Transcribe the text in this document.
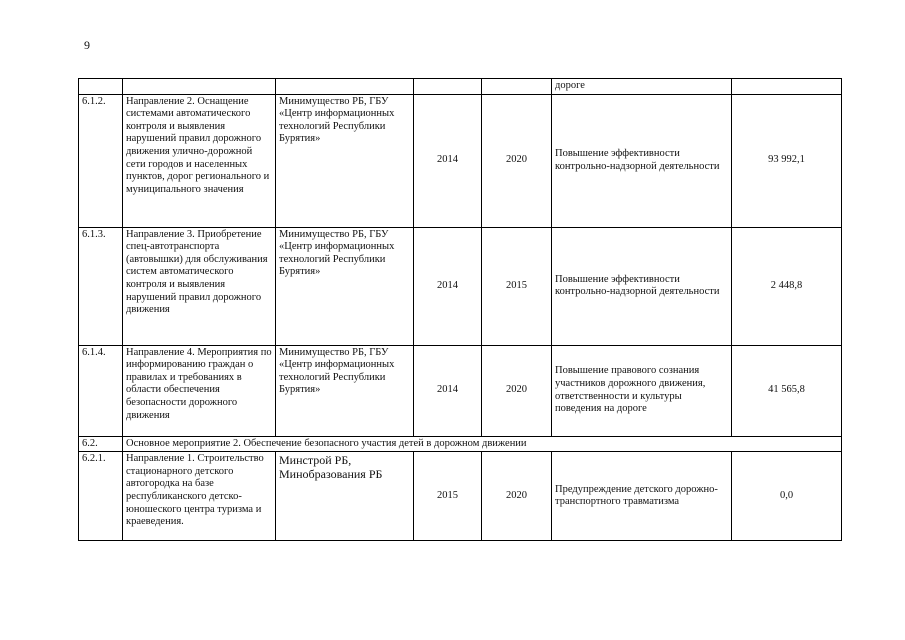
9
					дороге	
6.1.2.	Направление 2. Оснащение системами автоматического контроля и выявления нарушений правил дорожного движения улично-дорожной сети городов и населенных пунктов, дорог регионального и муниципального значения	Минимущество РБ, ГБУ «Центр информационных технологий Республики Бурятия»	2014	2020	Повышение эффективности контрольно-надзорной деятельности	93 992,1
6.1.3.	Направление 3. Приобретение спец-автотранспорта (автовышки) для обслуживания систем автоматического контроля и выявления нарушений правил дорожного движения	Минимущество РБ, ГБУ «Центр информационных технологий Республики Бурятия»	2014	2015	Повышение эффективности контрольно-надзорной деятельности	2 448,8
6.1.4.	Направление 4. Мероприятия по информированию граждан о правилах и требованиях в области обеспечения безопасности дорожного движения	Минимущество РБ, ГБУ «Центр информационных технологий Республики Бурятия»	2014	2020	Повышение правового сознания участников дорожного движения, ответственности и культуры поведения на дороге	41 565,8
6.2.	Основное мероприятие 2. Обеспечение безопасного участия детей в дорожном движении					
6.2.1.	Направление 1. Строительство стационарного детского автогородка на базе республиканского детско-юношеского центра туризма и краеведения.	Минстрой РБ, Минобразования РБ	2015	2020	Предупреждение детского дорожно-транспортного травматизма	0,0
